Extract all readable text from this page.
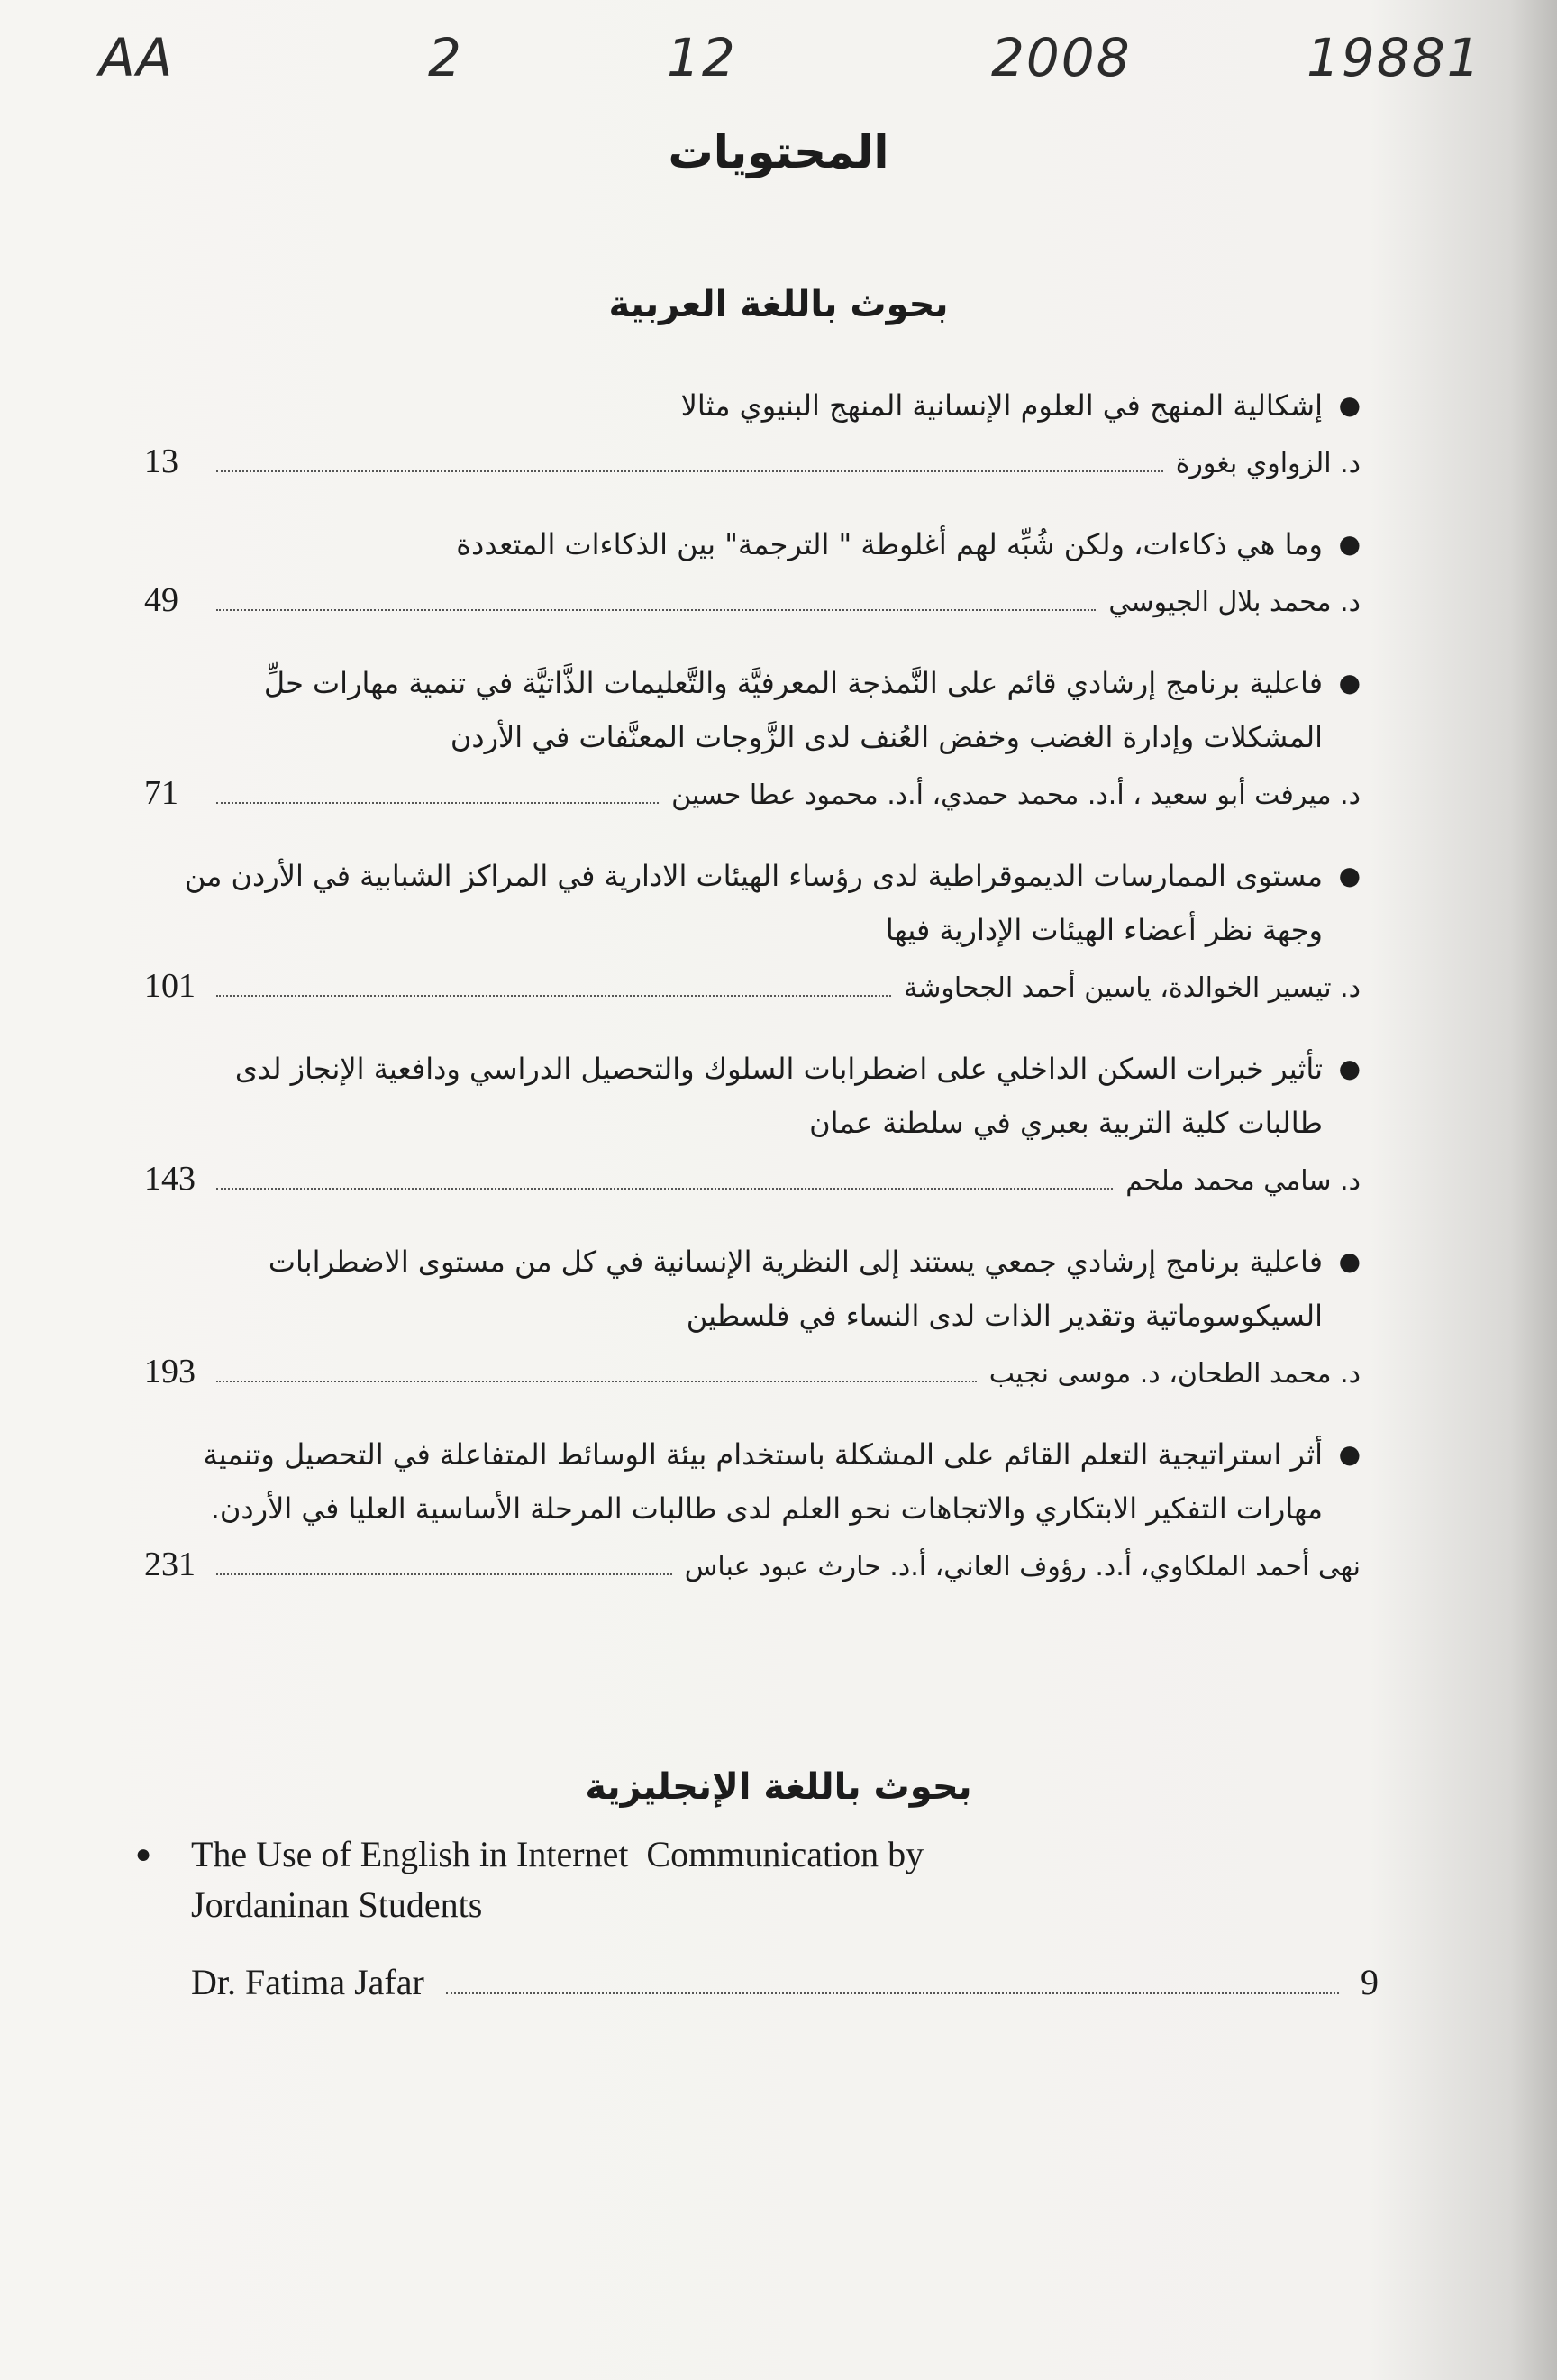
AA	2	12	2008	19881
المحتويات
بحوث باللغة العربية
●
إشكالية المنهج في العلوم الإنسانية المنهج البنيوي مثالا
13	د. الزواوي بغورة
●
وما هي ذكاءات، ولكن شُبِّه لهم أغلوطة " الترجمة" بين الذكاءات المتعددة
49	د. محمد بلال الجيوسي
●
فاعلية برنامج إرشادي قائم على النَّمذجة المعرفيَّة والتَّعليمات الذَّاتيَّة في تنمية مهارات حلِّ المشكلات وإدارة الغضب وخفض العُنف لدى الزَّوجات المعنَّفات في الأردن
71	د. ميرفت أبو سعيد ، أ.د. محمد حمدي، أ.د. محمود عطا حسين
●
مستوى الممارسات الديموقراطية لدى رؤساء الهيئات الادارية في المراكز الشبابية في الأردن من وجهة نظر أعضاء الهيئات الإدارية فيها
101	د. تيسير الخوالدة، ياسين أحمد الجحاوشة
●
تأثير خبرات السكن الداخلي على اضطرابات السلوك والتحصيل الدراسي ودافعية الإنجاز لدى طالبات كلية التربية بعبري في سلطنة عمان
143	د. سامي محمد ملحم
●
فاعلية برنامج إرشادي جمعي يستند إلى النظرية الإنسانية في كل من مستوى الاضطرابات السيكوسوماتية وتقدير الذات لدى النساء في فلسطين
193	د. محمد الطحان، د. موسى نجيب
●
أثر استراتيجية التعلم القائم على المشكلة باستخدام بيئة الوسائط المتفاعلة في التحصيل وتنمية مهارات التفكير الابتكاري والاتجاهات نحو العلم لدى طالبات المرحلة الأساسية العليا في الأردن.
231	نهى أحمد الملكاوي، أ.د. رؤوف العاني، أ.د. حارث عبود عباس
بحوث باللغة الإنجليزية
● The Use of English in Internet  Communication by
Jordaninan Students
Dr. Fatima Jafar	9
